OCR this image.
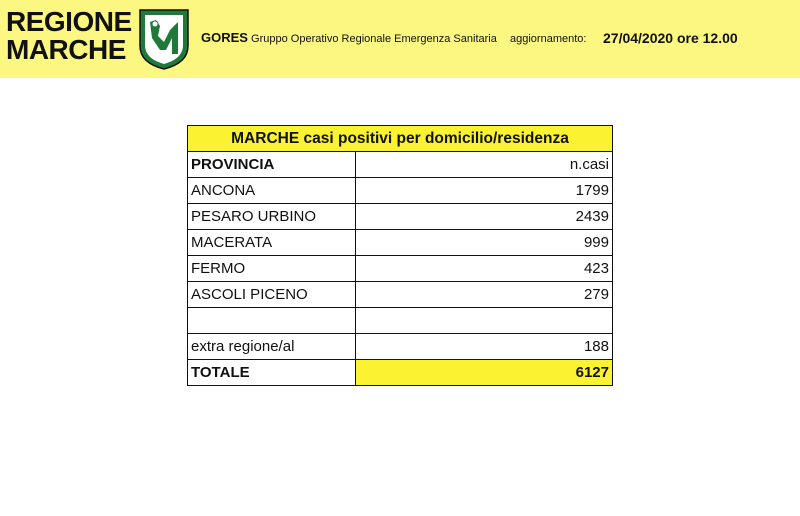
REGIONE
MARCHE	GORES Gruppo Operativo Regionale Emergenza Sanitaria aggiornamento: 27/04/2020 ore 12.00
MARCHE casi positivi per domicilio/residenza	
PROVINCIA	n.casi
ANCONA	1799
PESARO URBINO	2439
MACERATA	999
FERMO	423
ASCOLI PICENO	279

extra regione/al	188
TOTALE	6127
